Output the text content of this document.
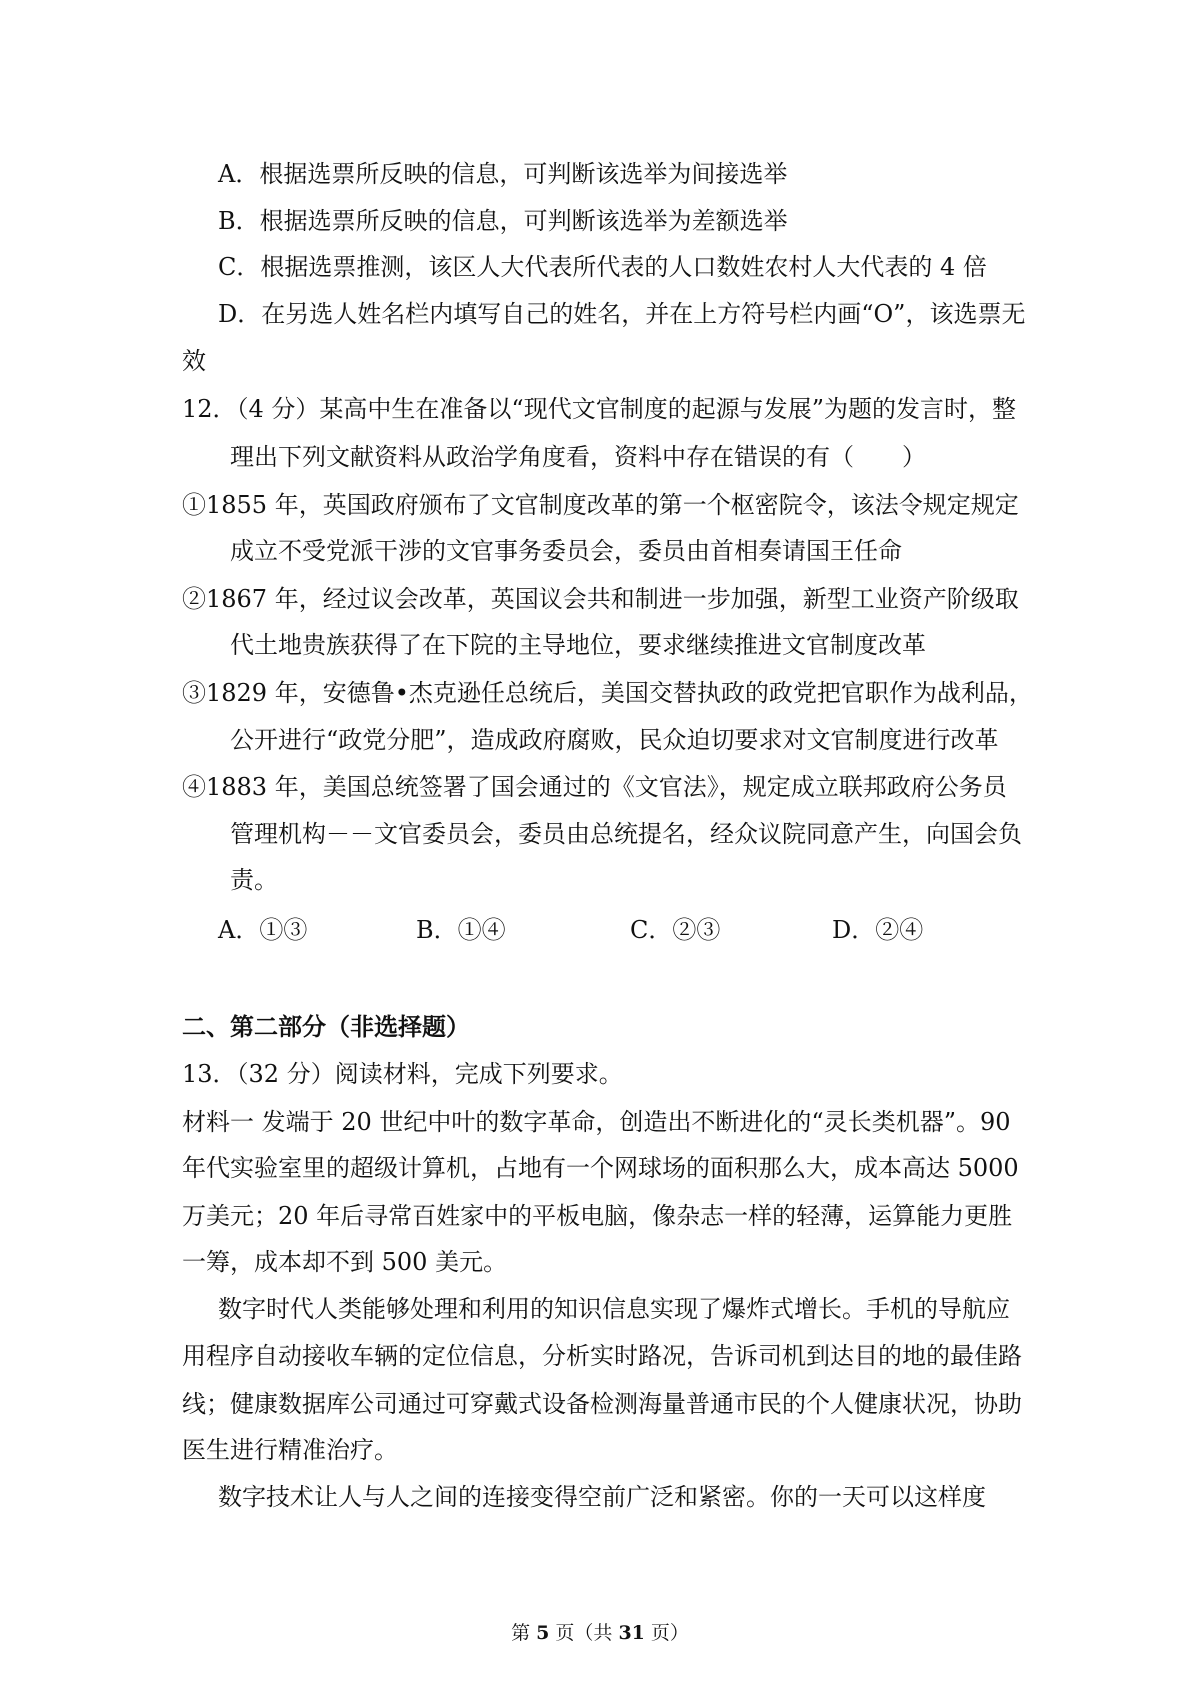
A．根据选票所反映的信息，可判断该选举为间接选举
B．根据选票所反映的信息，可判断该选举为差额选举
C．根据选票推测，该区人大代表所代表的人口数姓农村人大代表的 4 倍
D．在另选人姓名栏内填写自己的姓名，并在上方符号栏内画“O”，该选票无
效
12．（4 分）某高中生在准备以“现代文官制度的起源与发展”为题的发言时，整
理出下列文献资料从政治学角度看，资料中存在错误的有（　　）
①1855 年，英国政府颁布了文官制度改革的第一个枢密院令，该法令规定规定
成立不受党派干涉的文官事务委员会，委员由首相奏请国王任命
②1867 年，经过议会改革，英国议会共和制进一步加强，新型工业资产阶级取
代土地贵族获得了在下院的主导地位，要求继续推进文官制度改革
③1829 年，安德鲁•杰克逊任总统后，美国交替执政的政党把官职作为战利品，
公开进行“政党分肥”，造成政府腐败，民众迫切要求对文官制度进行改革
④1883 年，美国总统签署了国会通过的《文官法》，规定成立联邦政府公务员
管理机构－－文官委员会，委员由总统提名，经众议院同意产生，向国会负
责。
A．①③	B．①④	C．②③	D．②④
二、第二部分（非选择题）
13．（32 分）阅读材料，完成下列要求。
材料一 发端于 20 世纪中叶的数字革命，创造出不断进化的“灵长类机器”。90
年代实验室里的超级计算机，占地有一个网球场的面积那么大，成本高达 5000
万美元；20 年后寻常百姓家中的平板电脑，像杂志一样的轻薄，运算能力更胜
一筹，成本却不到 500 美元。
数字时代人类能够处理和利用的知识信息实现了爆炸式增长。手机的导航应
用程序自动接收车辆的定位信息，分析实时路况，告诉司机到达目的地的最佳路
线；健康数据库公司通过可穿戴式设备检测海量普通市民的个人健康状况，协助
医生进行精准治疗。
数字技术让人与人之间的连接变得空前广泛和紧密。你的一天可以这样度
第 5 页（共 31 页）
